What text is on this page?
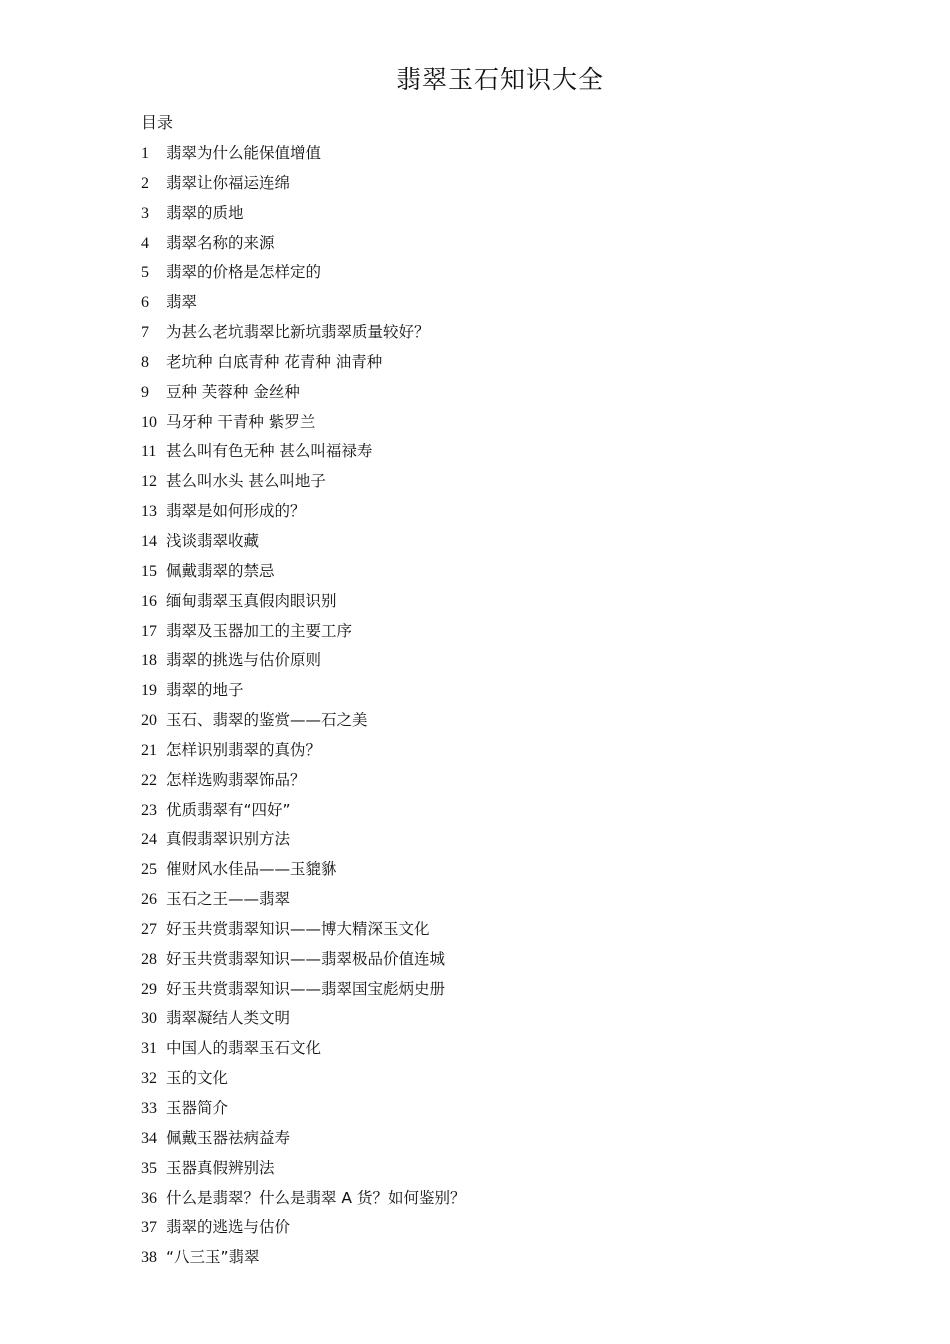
翡翠玉石知识大全
目录
1 翡翠为什么能保值增值
2 翡翠让你福运连绵
3 翡翠的质地
4 翡翠名称的来源
5 翡翠的价格是怎样定的
6 翡翠
7 为甚么老坑翡翠比新坑翡翠质量较好？
8 老坑种 白底青种 花青种 油青种
9 豆种 芙蓉种 金丝种
10 马牙种 干青种 紫罗兰
11 甚么叫有色无种 甚么叫福禄寿
12 甚么叫水头 甚么叫地子
13 翡翠是如何形成的？
14 浅谈翡翠收藏
15 佩戴翡翠的禁忌
16 缅甸翡翠玉真假肉眼识别
17 翡翠及玉器加工的主要工序
18 翡翠的挑选与估价原则
19 翡翠的地子
20 玉石、翡翠的鉴赏——石之美
21 怎样识别翡翠的真伪？
22 怎样选购翡翠饰品？
23 优质翡翠有“四好”
24 真假翡翠识别方法
25 催财风水佳品——玉貔貅
26 玉石之王——翡翠
27 好玉共赏翡翠知识——博大精深玉文化
28 好玉共赏翡翠知识——翡翠极品价值连城
29 好玉共赏翡翠知识——翡翠国宝彪炳史册
30 翡翠凝结人类文明
31 中国人的翡翠玉石文化
32 玉的文化
33 玉器简介
34 佩戴玉器祛病益寿
35 玉器真假辨别法
36 什么是翡翠？什么是翡翠 A 货？如何鉴别？
37 翡翠的逃选与估价
38 “八三玉”翡翠
